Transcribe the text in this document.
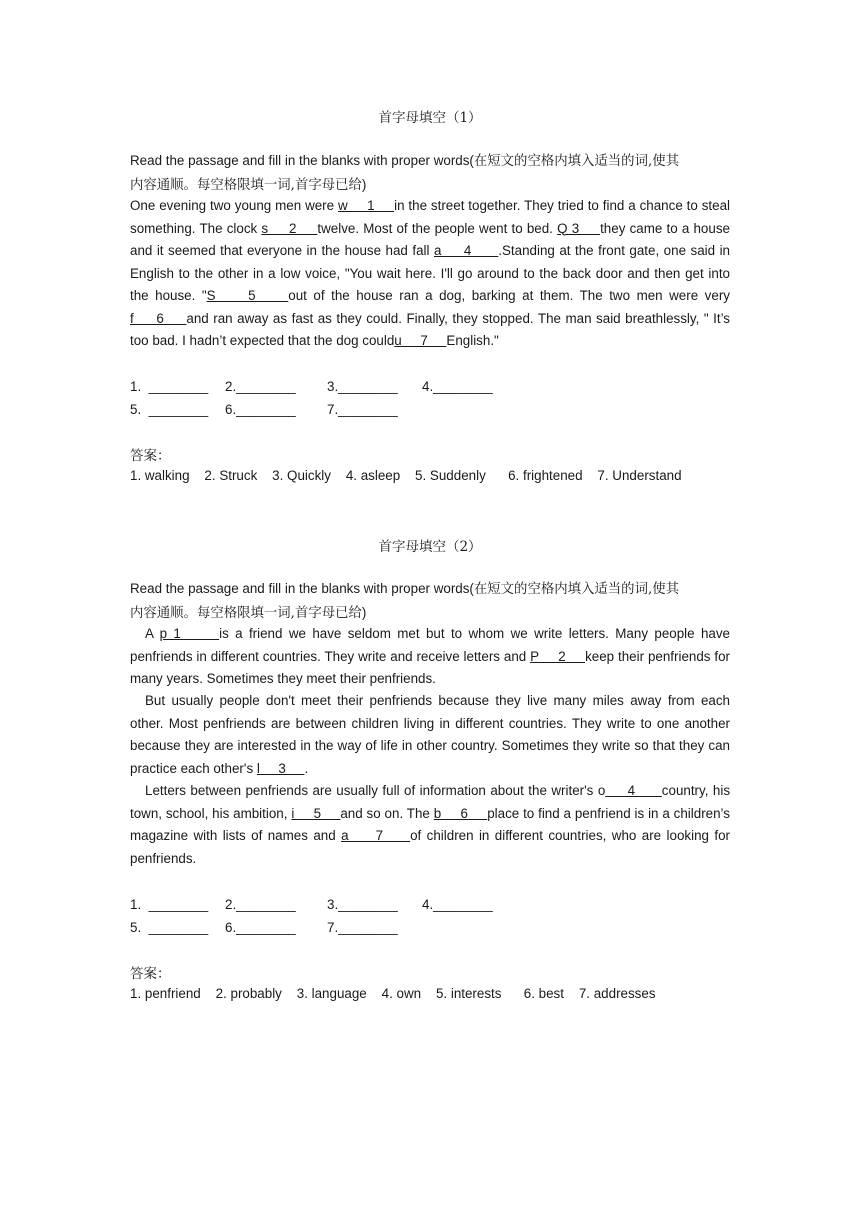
首字母填空（1）
Read the passage and fill in the blanks with proper words(在短文的空格内填入适当的词,使其
内容通顺。每空格限填一词,首字母已给)
One evening two young men were w     1     in the street together. They tried to find a chance to steal something. The clock s     2     twelve. Most of the people went to bed. Q 3     they came to a house and it seemed that everyone in the house had fall a     4      .Standing at the front gate, one said in English to the other in a low voice, "You wait here. I'll go around to the back door and then get into the house. "S     5     out of the house ran a dog, barking at them. The two men were very f     6     and ran away as fast as they could. Finally, they stopped. The man said breathlessly, " It’s too bad. I hadn’t expected that the dog couldu     7     English."
1.  ________	2.________	3.________	4.________
5.  ________	6.________	7.________
答案：
1. walking    2. Struck    3. Quickly    4. asleep    5. Suddenly      6. frightened    7. Understand
首字母填空（2）
Read the passage and fill in the blanks with proper words(在短文的空格内填入适当的词,使其
内容通顺。每空格限填一词,首字母已给)
A p 1      is a friend we have seldom met but to whom we write letters. Many people have penfriends in different countries. They write and receive letters and P     2     keep their penfriends for many years. Sometimes they meet their penfriends.
But usually people don't meet their penfriends because they live many miles away from each other. Most penfriends are between children living in different countries. They write to one another because they are interested in the way of life in other country. Sometimes they write so that they can practice each other's l     3     .
Letters between penfriends are usually full of information about the writer's o     4      country, his town, school, his ambition, i     5     and so on. The b     6     place to find a penfriend is in a children’s magazine with lists of names and a     7     of children in different countries, who are looking for penfriends.
1.  ________	2.________	3.________	4.________
5.  ________	6.________	7.________
答案：
1. penfriend    2. probably    3. language    4. own    5. interests      6. best    7. addresses
